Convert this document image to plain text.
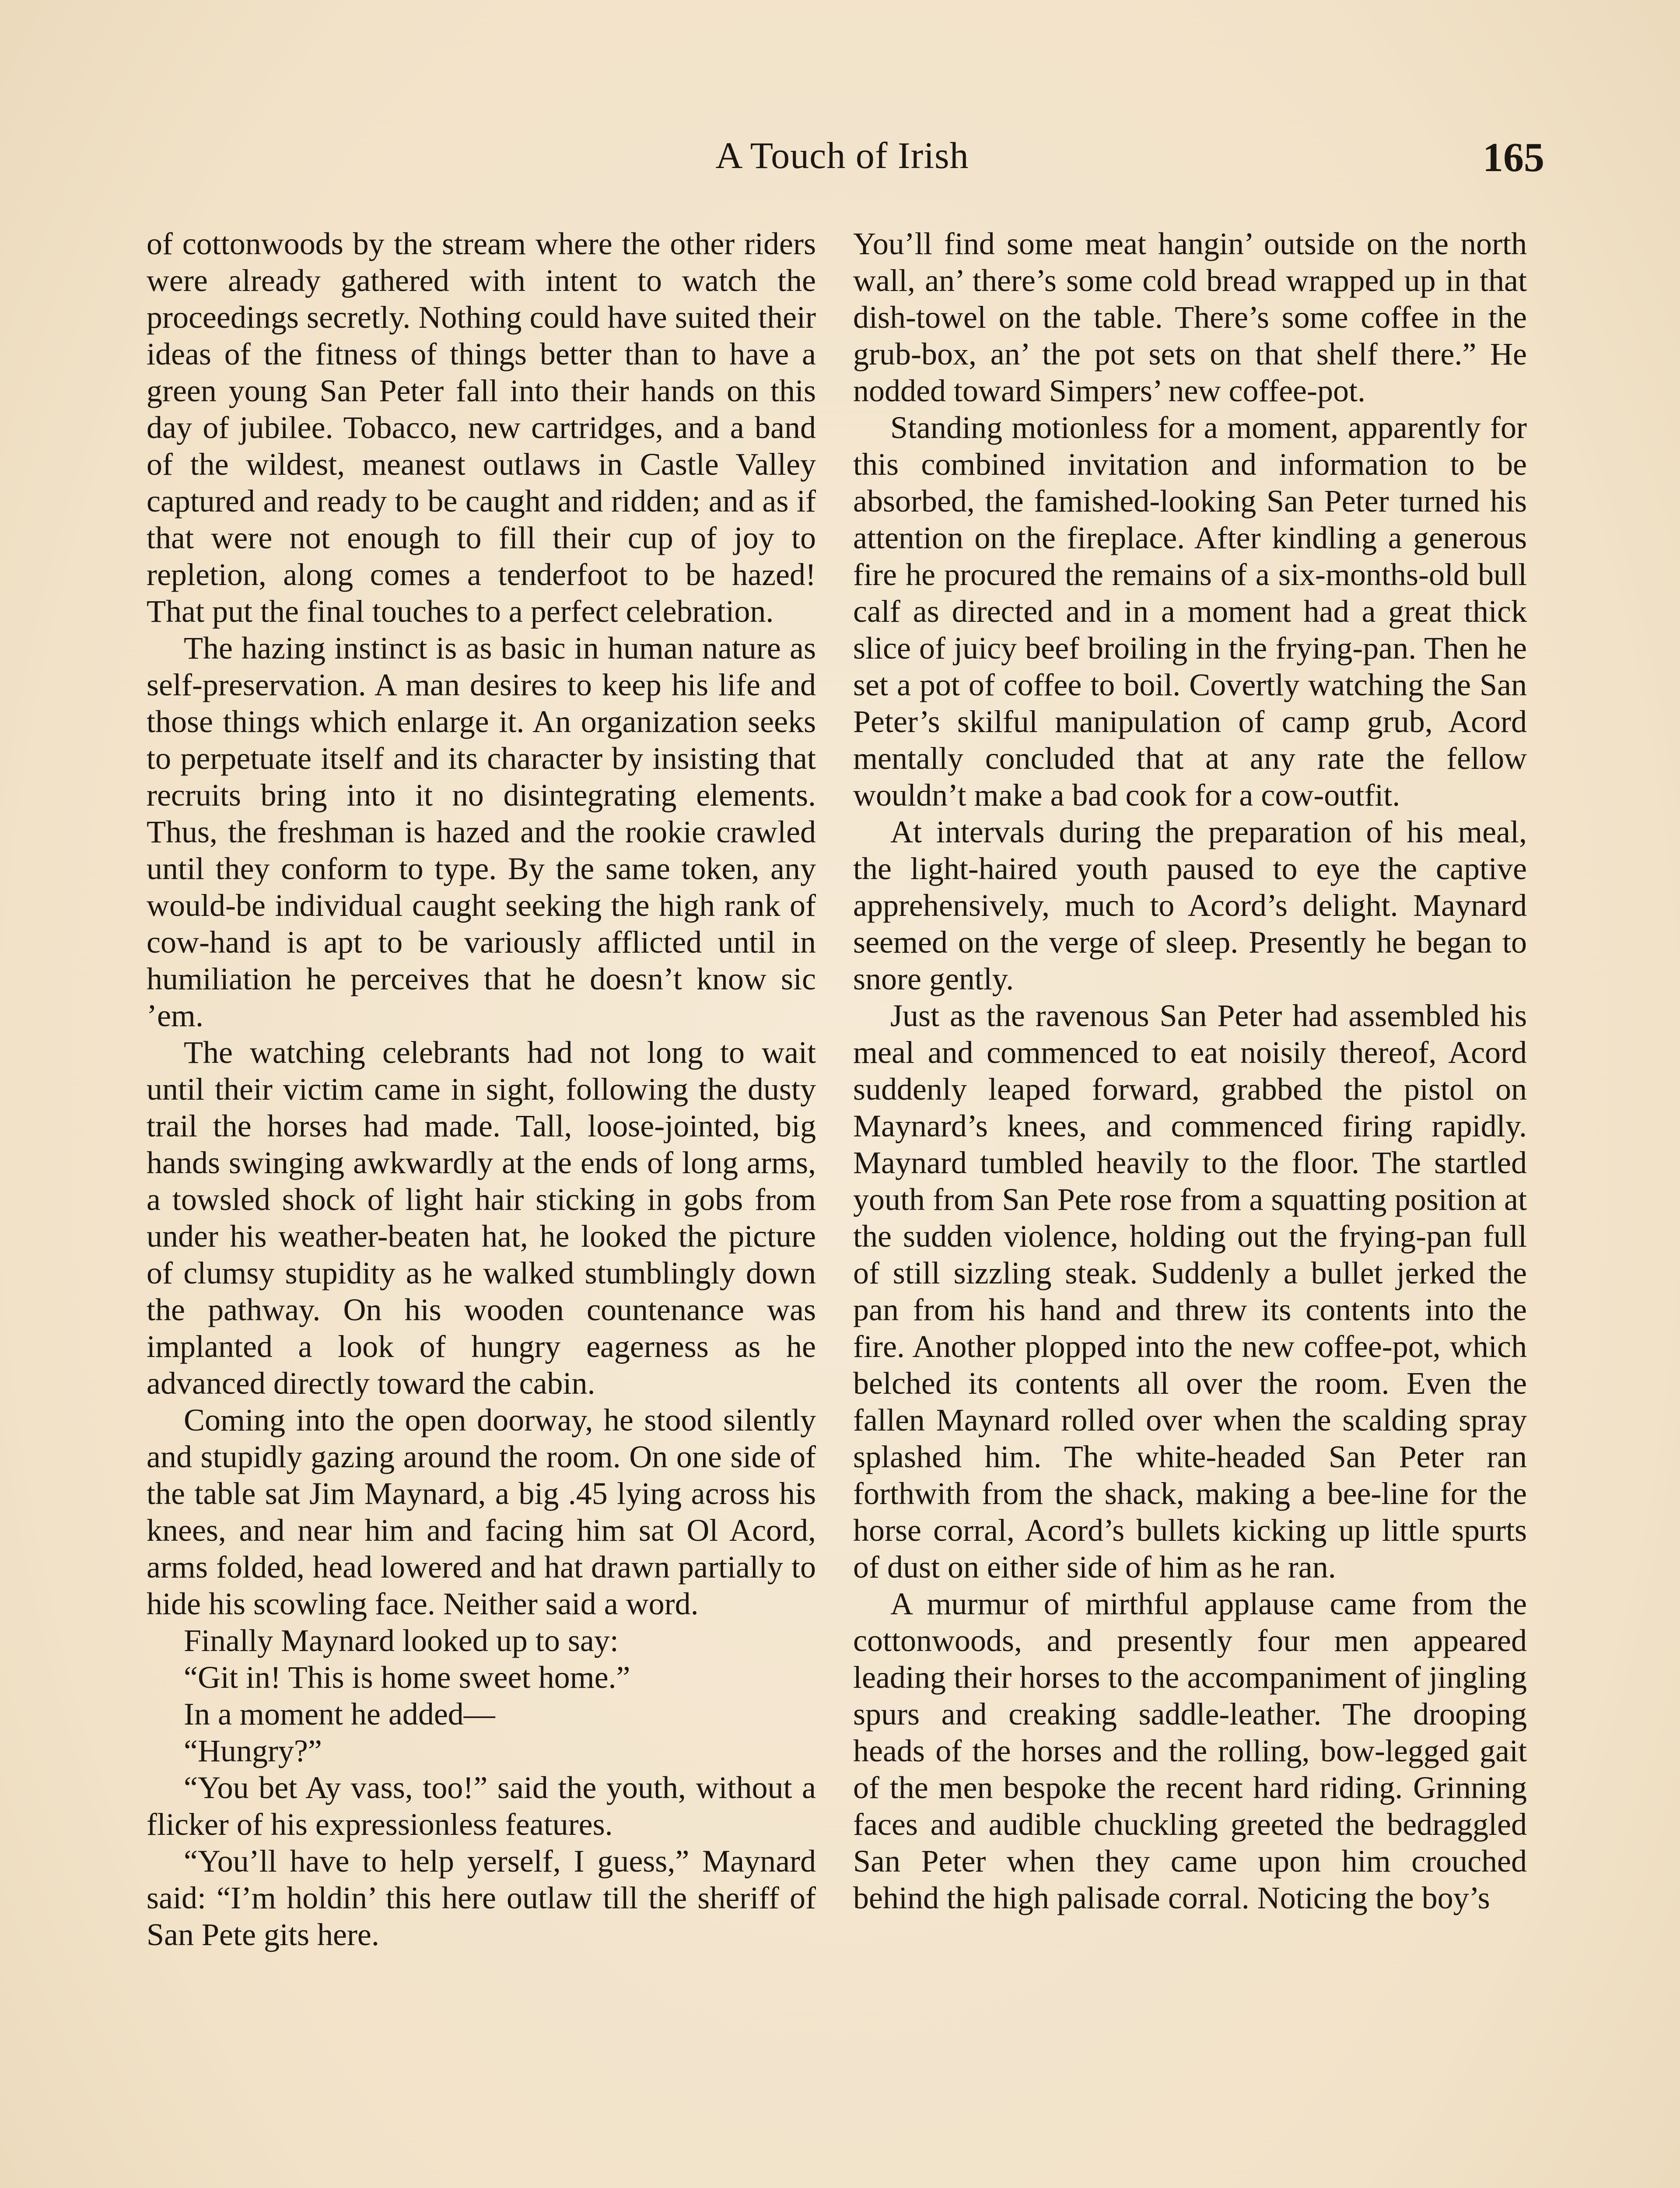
A Touch of Irish	165

of cottonwoods by the stream where the other riders were already gathered with intent to watch the proceedings secretly. Nothing could have suited their ideas of the fitness of things better than to have a green young San Peter fall into their hands on this day of jubilee. Tobacco, new cartridges, and a band of the wildest, meanest outlaws in Castle Valley captured and ready to be caught and ridden; and as if that were not enough to fill their cup of joy to repletion, along comes a tenderfoot to be hazed! That put the final touches to a perfect celebration.

The hazing instinct is as basic in human nature as self-preservation. A man desires to keep his life and those things which enlarge it. An organization seeks to perpetuate itself and its character by insisting that recruits bring into it no disintegrating elements. Thus, the freshman is hazed and the rookie crawled until they conform to type. By the same token, any would-be individual caught seeking the high rank of cow-hand is apt to be variously afflicted until in humiliation he perceives that he doesn’t know sic ’em.

The watching celebrants had not long to wait until their victim came in sight, following the dusty trail the horses had made. Tall, loose-jointed, big hands swinging awkwardly at the ends of long arms, a towsled shock of light hair sticking in gobs from under his weather-beaten hat, he looked the picture of clumsy stupidity as he walked stumblingly down the pathway. On his wooden countenance was implanted a look of hungry eagerness as he advanced directly toward the cabin.

Coming into the open doorway, he stood silently and stupidly gazing around the room. On one side of the table sat Jim Maynard, a big .45 lying across his knees, and near him and facing him sat Ol Acord, arms folded, head lowered and hat drawn partially to hide his scowling face. Neither said a word.

Finally Maynard looked up to say:

“Git in! This is home sweet home.”

In a moment he added—

“Hungry?”

“You bet Ay vass, too!” said the youth, without a flicker of his expressionless features.

“You’ll have to help yerself, I guess,” Maynard said: “I’m holdin’ this here outlaw till the sheriff of San Pete gits here.

You’ll find some meat hangin’ outside on the north wall, an’ there’s some cold bread wrapped up in that dish-towel on the table. There’s some coffee in the grub-box, an’ the pot sets on that shelf there.” He nodded toward Simpers’ new coffee-pot.

Standing motionless for a moment, apparently for this combined invitation and information to be absorbed, the famished-looking San Peter turned his attention on the fireplace. After kindling a generous fire he procured the remains of a six-months-old bull calf as directed and in a moment had a great thick slice of juicy beef broiling in the frying-pan. Then he set a pot of coffee to boil. Covertly watching the San Peter’s skilful manipulation of camp grub, Acord mentally concluded that at any rate the fellow wouldn’t make a bad cook for a cow-outfit.

At intervals during the preparation of his meal, the light-haired youth paused to eye the captive apprehensively, much to Acord’s delight. Maynard seemed on the verge of sleep. Presently he began to snore gently.

Just as the ravenous San Peter had assembled his meal and commenced to eat noisily thereof, Acord suddenly leaped forward, grabbed the pistol on Maynard’s knees, and commenced firing rapidly. Maynard tumbled heavily to the floor. The startled youth from San Pete rose from a squatting position at the sudden violence, holding out the frying-pan full of still sizzling steak. Suddenly a bullet jerked the pan from his hand and threw its contents into the fire. Another plopped into the new coffee-pot, which belched its contents all over the room. Even the fallen Maynard rolled over when the scalding spray splashed him. The white-headed San Peter ran forthwith from the shack, making a bee-line for the horse corral, Acord’s bullets kicking up little spurts of dust on either side of him as he ran.

A murmur of mirthful applause came from the cottonwoods, and presently four men appeared leading their horses to the accompaniment of jingling spurs and creaking saddle-leather. The drooping heads of the horses and the rolling, bow-legged gait of the men bespoke the recent hard riding. Grinning faces and audible chuckling greeted the bedraggled San Peter when they came upon him crouched behind the high palisade corral. Noticing the boy’s
